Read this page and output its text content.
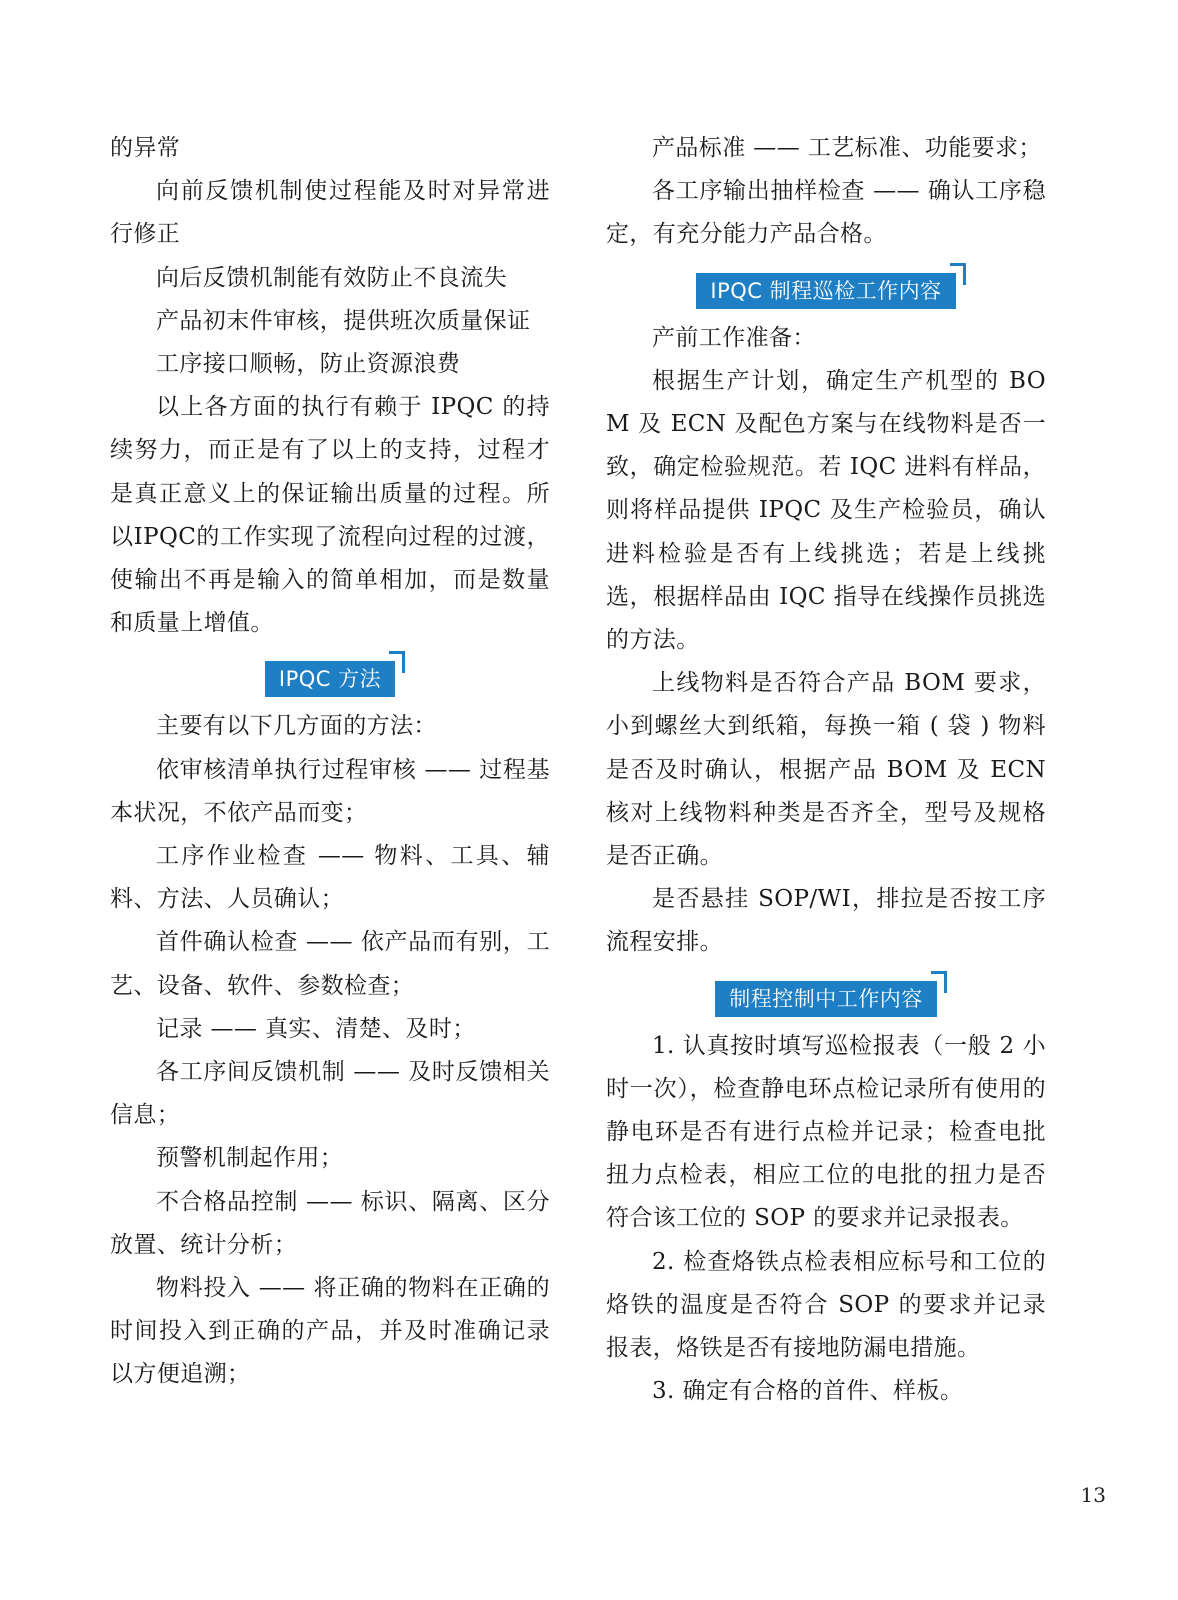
的异常

向前反馈机制使过程能及时对异常进行修正

向后反馈机制能有效防止不良流失

产品初末件审核，提供班次质量保证

工序接口顺畅，防止资源浪费

以上各方面的执行有赖于 IPQC 的持续努力，而正是有了以上的支持，过程才是真正意义上的保证输出质量的过程。所以IPQC的工作实现了流程向过程的过渡，使输出不再是输入的简单相加，而是数量和质量上增值。

IPQC 方法

主要有以下几方面的方法：

依审核清单执行过程审核 —— 过程基本状况，不依产品而变；

工序作业检查 —— 物料、工具、辅料、方法、人员确认；

首件确认检查 —— 依产品而有别，工艺、设备、软件、参数检查；

记录 —— 真实、清楚、及时；

各工序间反馈机制 —— 及时反馈相关信息；

预警机制起作用；

不合格品控制 —— 标识、隔离、区分放置、统计分析；

物料投入 —— 将正确的物料在正确的时间投入到正确的产品，并及时准确记录以方便追溯；

产品标准 —— 工艺标准、功能要求；

各工序输出抽样检查 —— 确认工序稳定，有充分能力产品合格。

IPQC 制程巡检工作内容

产前工作准备：

根据生产计划，确定生产机型的 BOM 及 ECN 及配色方案与在线物料是否一致，确定检验规范。若 IQC 进料有样品，则将样品提供 IPQC 及生产检验员，确认进料检验是否有上线挑选；若是上线挑选，根据样品由 IQC 指导在线操作员挑选的方法。

上线物料是否符合产品 BOM 要求，小到螺丝大到纸箱，每换一箱 ( 袋 ) 物料是否及时确认，根据产品 BOM 及 ECN 核对上线物料种类是否齐全，型号及规格是否正确。

是否悬挂 SOP/WI，排拉是否按工序流程安排。

制程控制中工作内容

1. 认真按时填写巡检报表（一般 2 小时一次），检查静电环点检记录所有使用的静电环是否有进行点检并记录；检查电批扭力点检表，相应工位的电批的扭力是否符合该工位的 SOP 的要求并记录报表。

2. 检查烙铁点检表相应标号和工位的烙铁的温度是否符合 SOP 的要求并记录报表，烙铁是否有接地防漏电措施。

3. 确定有合格的首件、样板。

13
